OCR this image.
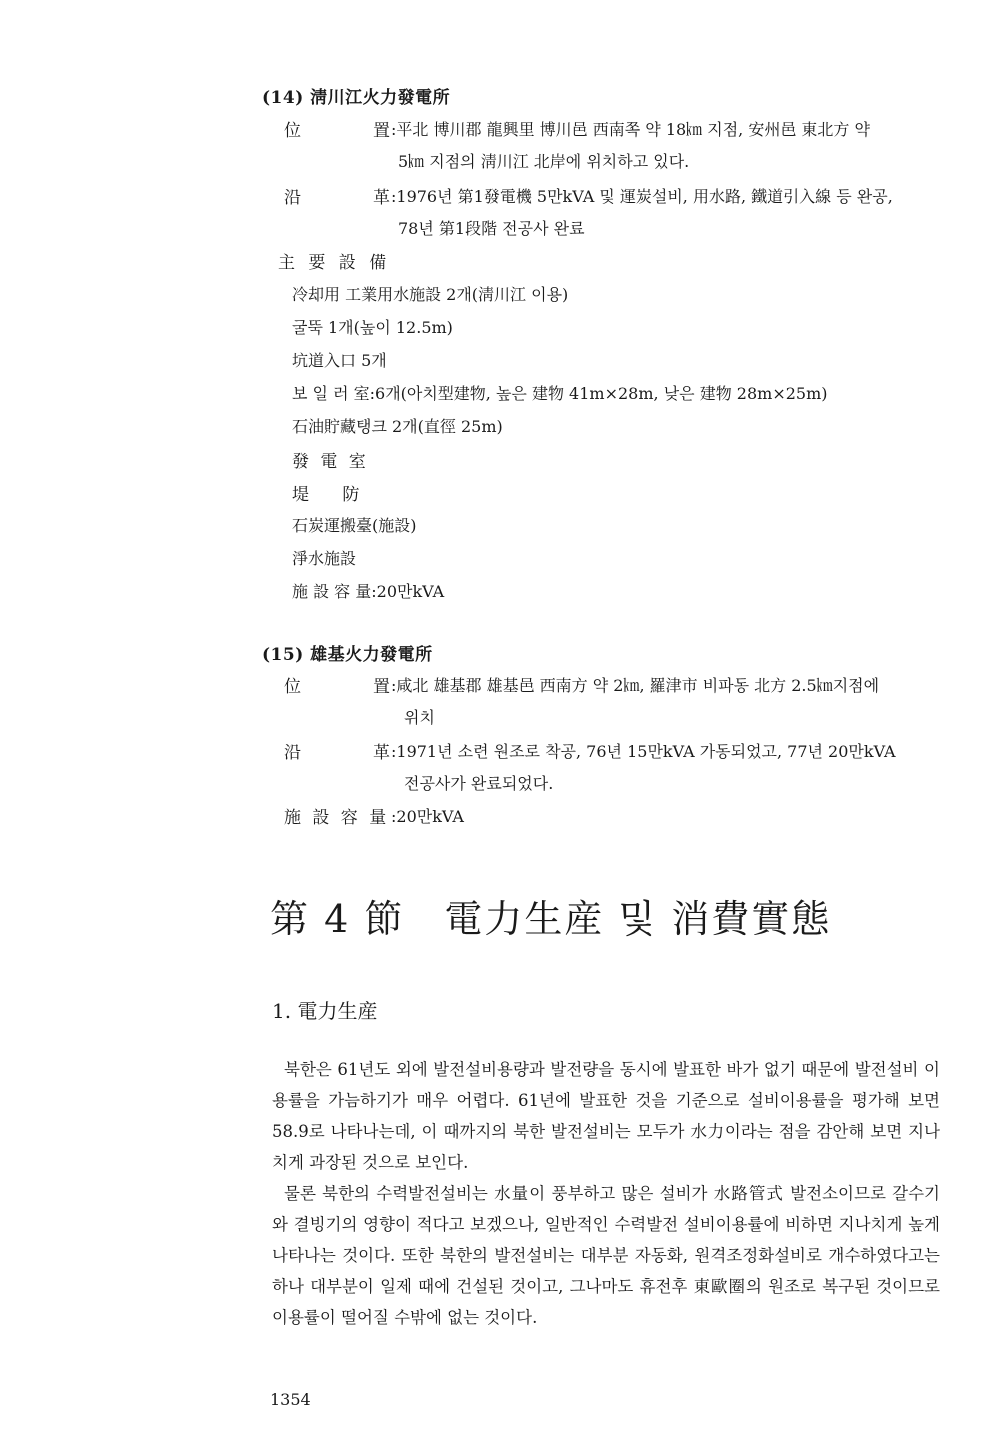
(14) 淸川江火力發電所
位	置 :平北 博川郡 龍興里 博川邑 西南쪽 약 18㎞ 지점, 安州邑 東北方 약
5㎞ 지점의 淸川江 北岸에 위치하고 있다.
沿	革 :1976년 第1發電機 5만kVA 및 運炭설비, 用水路, 鐵道引入線 등 완공,
78년 第1段階 전공사 완료
主 要 設 備
冷却用 工業用水施設 2개(淸川江 이용)
굴뚝 1개(높이 12.5m)
坑道入口 5개
보 일 러 室:6개(아치型建物, 높은 建物 41m×28m, 낮은 建物 28m×25m)
石油貯藏탱크 2개(直徑 25m)
發 電 室
堤 防
石炭運搬臺(施設)
淨水施設
施 設 容 量:20만kVA
(15) 雄基火力發電所
位	置 :咸北 雄基郡 雄基邑 西南方 약 2㎞, 羅津市 비파동 北方 2.5㎞지점에
위치
沿	革 :1971년 소련 원조로 착공, 76년 15만kVA 가동되었고, 77년 20만kVA
전공사가 완료되었다.
施 設 容 量 :20만kVA
第 4 節　電力生産 및 消費實態
1. 電力生産

북한은 61년도 외에 발전설비용량과 발전량을 동시에 발표한 바가 없기 때문에 발전설비 이용률을 가늠하기가 매우 어렵다. 61년에 발표한 것을 기준으로 설비이용률을 평가해 보면 58.9로 나타나는데, 이 때까지의 북한 발전설비는 모두가 水力이라는 점을 감안해 보면 지나치게 과장된 것으로 보인다.

물론 북한의 수력발전설비는 水量이 풍부하고 많은 설비가 水路管式 발전소이므로 갈수기와 결빙기의 영향이 적다고 보겠으나, 일반적인 수력발전 설비이용률에 비하면 지나치게 높게 나타나는 것이다. 또한 북한의 발전설비는 대부분 자동화, 원격조정화설비로 개수하였다고는 하나 대부분이 일제 때에 건설된 것이고, 그나마도 휴전후 東歐圈의 원조로 복구된 것이므로 이용률이 떨어질 수밖에 없는 것이다.

1354
